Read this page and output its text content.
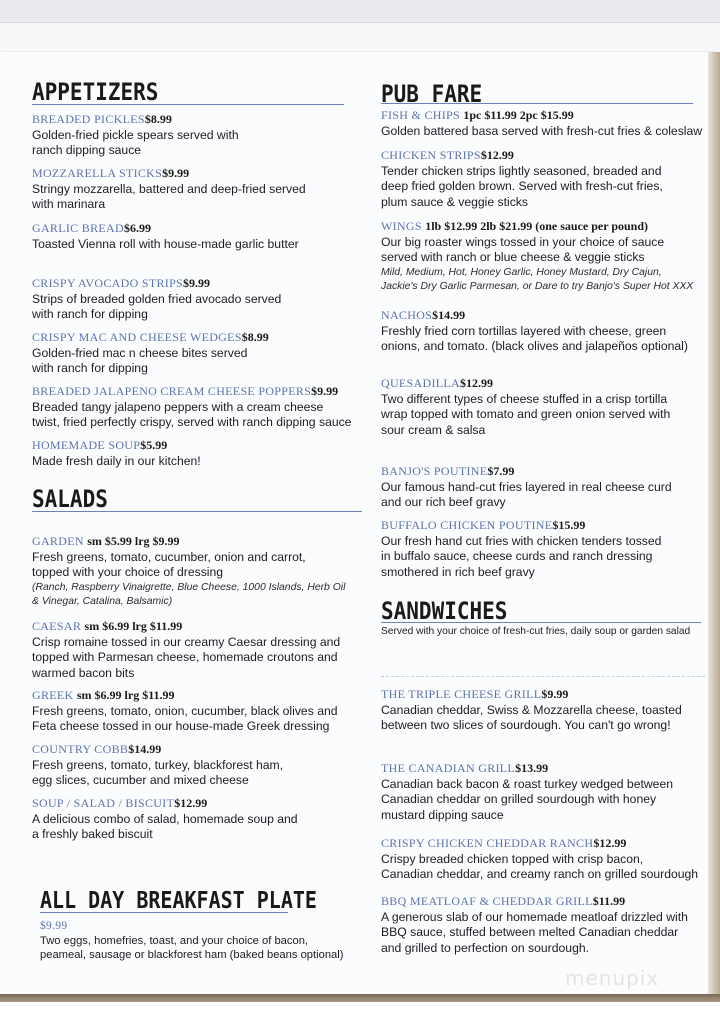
APPETIZERS
BREADED PICKLES$8.99
Golden-fried pickle spears served with
ranch dipping sauce
MOZZARELLA STICKS$9.99
Stringy mozzarella, battered and deep-fried served
with marinara
GARLIC BREAD$6.99
Toasted Vienna roll with house-made garlic butter
CRISPY AVOCADO STRIPS$9.99
Strips of breaded golden fried avocado served
with ranch for dipping
CRISPY MAC AND CHEESE WEDGES$8.99
Golden-fried mac n cheese bites served
with ranch for dipping
BREADED JALAPENO CREAM CHEESE POPPERS$9.99
Breaded tangy jalapeno peppers with a cream cheese
twist, fried perfectly crispy, served with ranch dipping sauce
HOMEMADE SOUP$5.99
Made fresh daily in our kitchen!
SALADS
GARDEN sm $5.99 lrg $9.99
Fresh greens, tomato, cucumber, onion and carrot,
topped with your choice of dressing
(Ranch, Raspberry Vinaigrette, Blue Cheese, 1000 Islands, Herb Oil
& Vinegar, Catalina, Balsamic)
CAESAR sm $6.99 lrg $11.99
Crisp romaine tossed in our creamy Caesar dressing and
topped with Parmesan cheese, homemade croutons and
warmed bacon bits
GREEK sm $6.99 lrg $11.99
Fresh greens, tomato, onion, cucumber, black olives and
Feta cheese tossed in our house-made Greek dressing
COUNTRY COBB$14.99
Fresh greens, tomato, turkey, blackforest ham,
egg slices, cucumber and mixed cheese
SOUP / SALAD / BISCUIT$12.99
A delicious combo of salad, homemade soup and
a freshly baked biscuit
ALL DAY BREAKFAST PLATE
$9.99
Two eggs, homefries, toast, and your choice of bacon,
peameal, sausage or blackforest ham (baked beans optional)
PUB FARE
FISH & CHIPS 1pc $11.99 2pc $15.99
Golden battered basa served with fresh-cut fries & coleslaw
CHICKEN STRIPS$12.99
Tender chicken strips lightly seasoned, breaded and
deep fried golden brown. Served with fresh-cut fries,
plum sauce & veggie sticks
WINGS 1lb $12.99 2lb $21.99 (one sauce per pound)
Our big roaster wings tossed in your choice of sauce
served with ranch or blue cheese & veggie sticks
Mild, Medium, Hot, Honey Garlic, Honey Mustard, Dry Cajun,
Jackie's Dry Garlic Parmesan, or Dare to try Banjo's Super Hot XXX
NACHOS$14.99
Freshly fried corn tortillas layered with cheese, green
onions, and tomato. (black olives and jalapeños optional)
QUESADILLA$12.99
Two different types of cheese stuffed in a crisp tortilla
wrap topped with tomato and green onion served with
sour cream & salsa
BANJO'S POUTINE$7.99
Our famous hand-cut fries layered in real cheese curd
and our rich beef gravy
BUFFALO CHICKEN POUTINE$15.99
Our fresh hand cut fries with chicken tenders tossed
in buffalo sauce, cheese curds and ranch dressing
smothered in rich beef gravy
SANDWICHES
Served with your choice of fresh-cut fries, daily soup or garden salad
THE TRIPLE CHEESE GRILL$9.99
Canadian cheddar, Swiss & Mozzarella cheese, toasted
between two slices of sourdough. You can't go wrong!
THE CANADIAN GRILL$13.99
Canadian back bacon & roast turkey wedged between
Canadian cheddar on grilled sourdough with honey
mustard dipping sauce
CRISPY CHICKEN CHEDDAR RANCH$12.99
Crispy breaded chicken topped with crisp bacon,
Canadian cheddar, and creamy ranch on grilled sourdough
BBQ MEATLOAF & CHEDDAR GRILL$11.99
A generous slab of our homemade meatloaf drizzled with
BBQ sauce, stuffed between melted Canadian cheddar
and grilled to perfection on sourdough.
menupix
